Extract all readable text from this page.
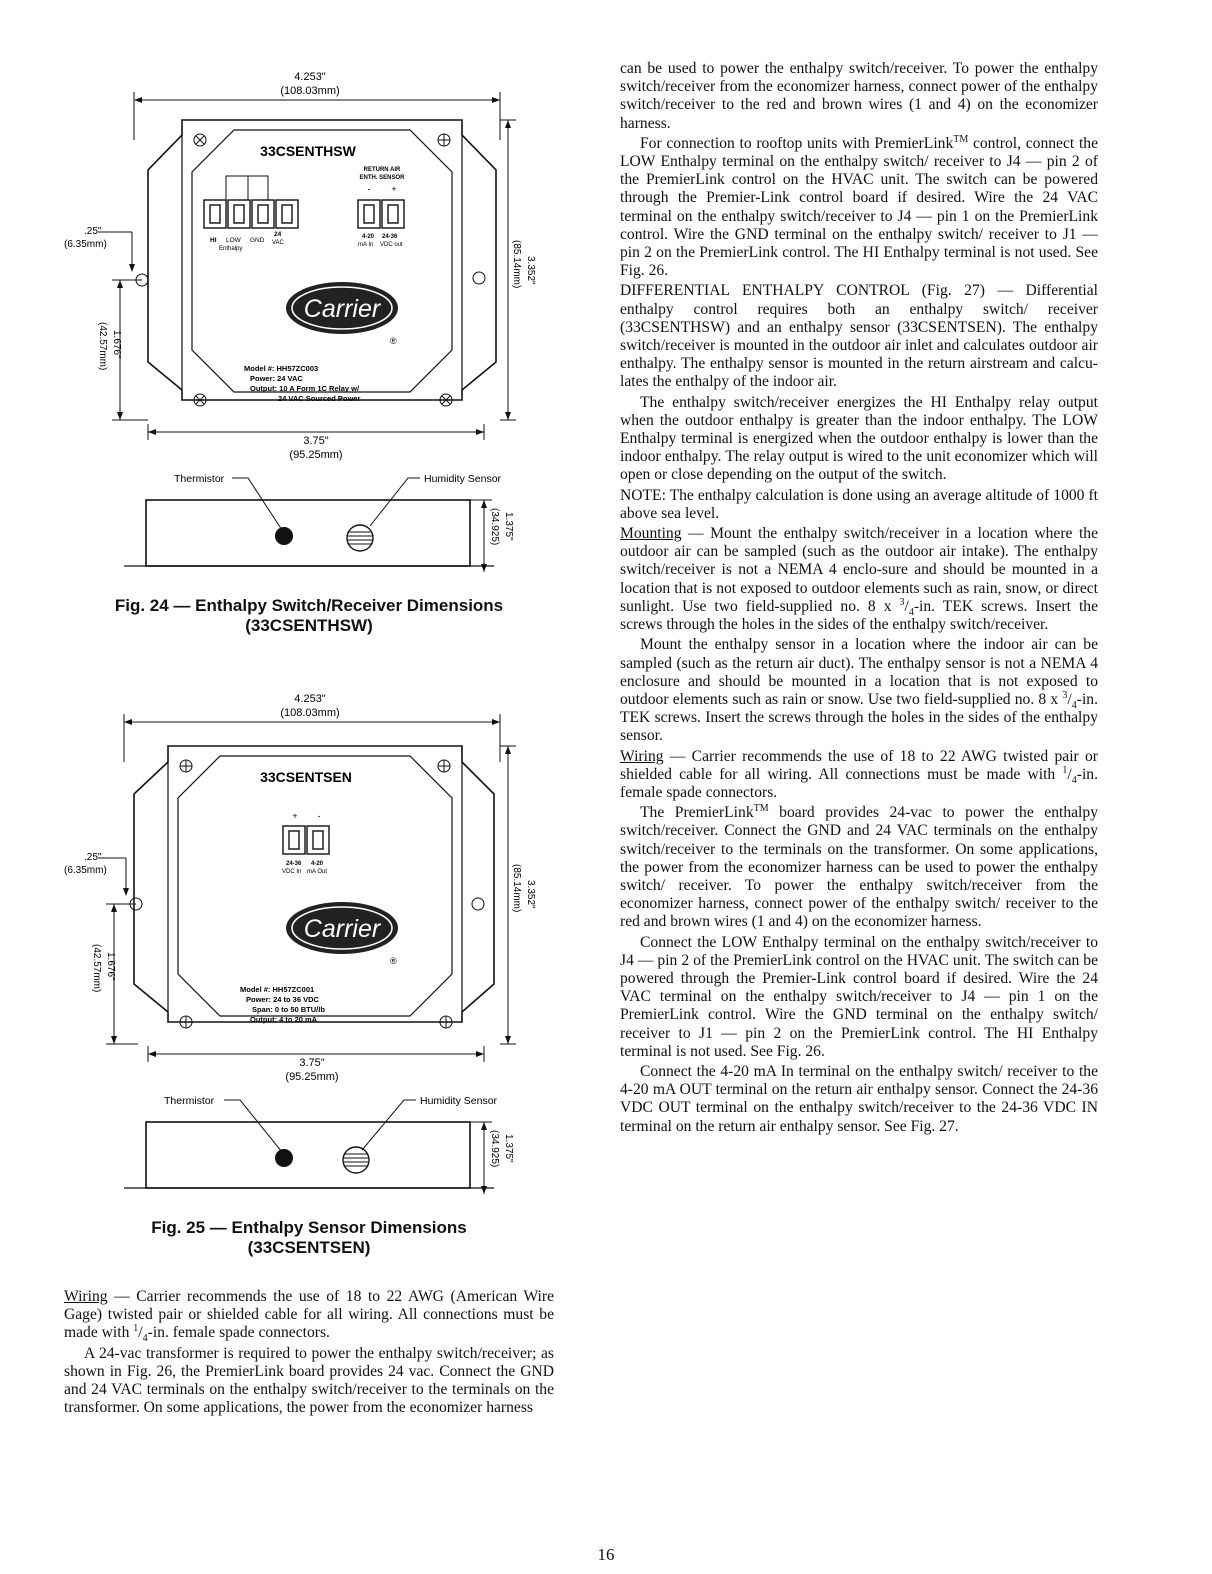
4.253"
(108.03mm)
33CSENTHSW
HI LOW GND
24
VAC
Enthalpy
RETURN AIR
ENTH. SENSOR
- +
4-20 24-36
mA In VDC out
Carrier
®
Model #: HH57ZC003
Power: 24 VAC
Output: 10 A Form 1C Relay w/
24 VAC Sourced Power
.25"
(6.35mm)
(42.57mm) 1.676"
(85.14mm) 3.352"
3.75"
(95.25mm)
Thermistor	Humidity Sensor
(34.925) 1.375"
Fig. 24 — Enthalpy Switch/Receiver Dimensions
(33CSENTHSW)
4.253"
(108.03mm)
33CSENTSEN
+ -
24-36 4-20
VDC In mA Out
Carrier
®
Model #: HH57ZC001
Power: 24 to 36 VDC
Span: 0 to 50 BTU/lb
Output: 4 to 20 mA
.25"
(6.35mm)
(42.57mm) 1.676"
(85.14mm) 3.352"
3.75"
(95.25mm)
Thermistor	Humidity Sensor
(34.925) 1.375"
Fig. 25 — Enthalpy Sensor Dimensions
(33CSENTSEN)

Wiring — Carrier recommends the use of 18 to 22 AWG (American Wire Gage) twisted pair or shielded cable for all wiring. All connections must be made with $^1/_4-in$. female spade connectors.

A 24-vac transformer is required to power the enthalpy switch/receiver; as shown in Fig. 26, the PremierLink board provides 24 vac. Connect the GND and 24 VAC terminals on the enthalpy switch/receiver to the terminals on the transformer. On some applications, the power from the economizer harness

can be used to power the enthalpy switch/receiver. To power the enthalpy switch/receiver from the economizer harness, connect power of the enthalpy switch/receiver to the red and brown wires (1 and 4) on the economizer harness.

For connection to rooftop units with PremierLink™ control, connect the LOW Enthalpy terminal on the enthalpy switch/ receiver to J4 — pin 2 of the PremierLink control on the HVAC unit. The switch can be powered through the Premier-Link control board if desired. Wire the 24 VAC terminal on the enthalpy switch/receiver to J4 — pin 1 on the PremierLink control. Wire the GND terminal on the enthalpy switch/ receiver to J1 — pin 2 on the PremierLink control. The HI Enthalpy terminal is not used. See Fig. 26.

DIFFERENTIAL ENTHALPY CONTROL (Fig. 27) — Differential enthalpy control requires both an enthalpy switch/ receiver (33CSENTHSW) and an enthalpy sensor (33CSENTSEN). The enthalpy switch/receiver is mounted in the outdoor air inlet and calculates outdoor air enthalpy. The enthalpy sensor is mounted in the return airstream and calcu-lates the enthalpy of the indoor air.

The enthalpy switch/receiver energizes the HI Enthalpy relay output when the outdoor enthalpy is greater than the indoor enthalpy. The LOW Enthalpy terminal is energized when the outdoor enthalpy is lower than the indoor enthalpy. The relay output is wired to the unit economizer which will open or close depending on the output of the switch.

NOTE: The enthalpy calculation is done using an average altitude of 1000 ft above sea level.

Mounting — Mount the enthalpy switch/receiver in a location where the outdoor air can be sampled (such as the outdoor air intake). The enthalpy switch/receiver is not a NEMA 4 enclo-sure and should be mounted in a location that is not exposed to outdoor elements such as rain, snow, or direct sunlight. Use two field-supplied no. 8 x $^3/_4-in$. TEK screws. Insert the screws through the holes in the sides of the enthalpy switch/receiver.

Mount the enthalpy sensor in a location where the indoor air can be sampled (such as the return air duct). The enthalpy sensor is not a NEMA 4 enclosure and should be mounted in a location that is not exposed to outdoor elements such as rain or snow. Use two field-supplied no. 8 x $^3/_4-in$. TEK screws. Insert the screws through the holes in the sides of the enthalpy sensor.

Wiring — Carrier recommends the use of 18 to 22 AWG twisted pair or shielded cable for all wiring. All connections must be made with $^1/_4-in$. female spade connectors.

The PremierLink™ board provides 24-vac to power the enthalpy switch/receiver. Connect the GND and 24 VAC terminals on the enthalpy switch/receiver to the terminals on the transformer. On some applications, the power from the economizer harness can be used to power the enthalpy switch/ receiver. To power the enthalpy switch/receiver from the economizer harness, connect power of the enthalpy switch/ receiver to the red and brown wires (1 and 4) on the economizer harness.

Connect the LOW Enthalpy terminal on the enthalpy switch/receiver to J4 — pin 2 of the PremierLink control on the HVAC unit. The switch can be powered through the Premier-Link control board if desired. Wire the 24 VAC terminal on the enthalpy switch/receiver to J4 — pin 1 on the PremierLink control. Wire the GND terminal on the enthalpy switch/ receiver to J1 — pin 2 on the PremierLink control. The HI Enthalpy terminal is not used. See Fig. 26.

Connect the 4-20 mA In terminal on the enthalpy switch/ receiver to the 4-20 mA OUT terminal on the return air enthalpy sensor. Connect the 24-36 VDC OUT terminal on the enthalpy switch/receiver to the 24-36 VDC IN terminal on the return air enthalpy sensor. See Fig. 27.

16
